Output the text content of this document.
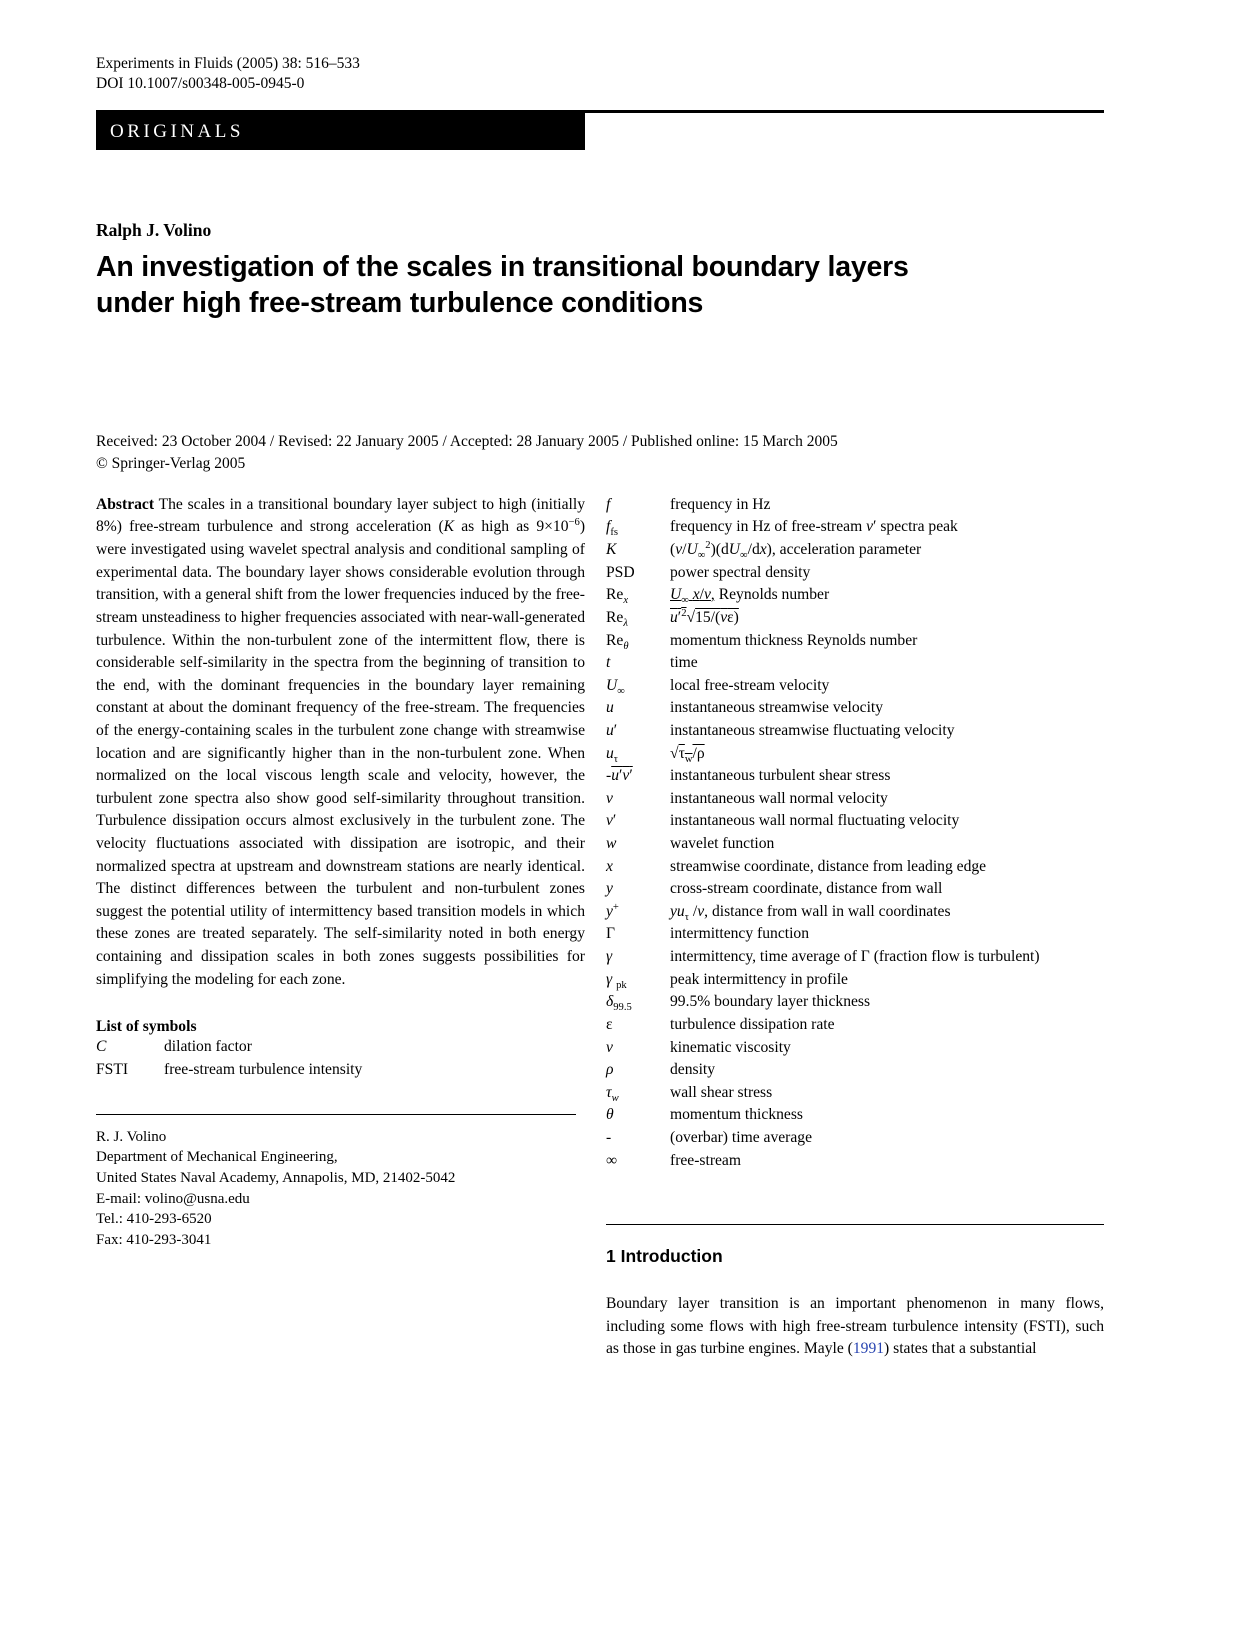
Experiments in Fluids (2005) 38: 516–533
DOI 10.1007/s00348-005-0945-0
ORIGINALS
Ralph J. Volino
An investigation of the scales in transitional boundary layers
under high free-stream turbulence conditions
Received: 23 October 2004 / Revised: 22 January 2005 / Accepted: 28 January 2005 / Published online: 15 March 2005
© Springer-Verlag 2005

Abstract The scales in a transitional boundary layer subject to high (initially 8%) free-stream turbulence and strong acceleration (K as high as $9\times 10^{-6}$) were investigated using wavelet spectral analysis and conditional sampling of experimental data. The boundary layer shows considerable evolution through transition, with a general shift from the lower frequencies induced by the free-stream unsteadiness to higher frequencies associated with near-wall-generated turbulence. Within the non-turbulent zone of the intermittent flow, there is considerable self-similarity in the spectra from the beginning of transition to the end, with the dominant frequencies in the boundary layer remaining constant at about the dominant frequency of the free-stream. The frequencies of the energy-containing scales in the turbulent zone change with streamwise location and are significantly higher than in the non-turbulent zone. When normalized on the local viscous length scale and velocity, however, the turbulent zone spectra also show good self-similarity throughout transition. Turbulence dissipation occurs almost exclusively in the turbulent zone. The velocity fluctuations associated with dissipation are isotropic, and their normalized spectra at upstream and downstream stations are nearly identical. The distinct differences between the turbulent and non-turbulent zones suggest the potential utility of intermittency based transition models in which these zones are treated separately. The self-similarity noted in both energy containing and dissipation scales in both zones suggests possibilities for simplifying the modeling for each zone.

List of symbols
C	dilation factor
FSTI	free-stream turbulence intensity
R. J. Volino
Department of Mechanical Engineering,
United States Naval Academy, Annapolis, MD, 21402-5042
E-mail: volino@usna.edu
Tel.: 410-293-6520
Fax: 410-293-3041
f	frequency in Hz
$f_{fs}$	frequency in Hz of free-stream v′ spectra peak
K	$(\nu/U_\infty^2)(dU_\infty/dx)$, acceleration parameter
PSD	power spectral density
$Re_x$	$U_\infty$ x/ν, Reynolds number
$Re_\lambda$	$u'^2√15/(\nu\varepsilon)$
$Re_\theta$	momentum thickness Reynolds number
t	time
$U_\infty$	local free-stream velocity
u	instantaneous streamwise velocity
u′	instantaneous streamwise fluctuating velocity
$u_\tau$	$√\tau_w/\rho$
-u′v′	instantaneous turbulent shear stress
v	instantaneous wall normal velocity
v′	instantaneous wall normal fluctuating velocity
w	wavelet function
x	streamwise coordinate, distance from leading edge
y	cross-stream coordinate, distance from wall
y+	$yu_\tau$ /ν, distance from wall in wall coordinates
Γ	intermittency function
γ	intermittency, time average of Γ (fraction flow is turbulent)
γ $_{pk}$	peak intermittency in profile
$\delta_{99.5}$	99.5% boundary layer thickness
ε	turbulence dissipation rate
ν	kinematic viscosity
ρ	density
$\tau_w$	wall shear stress
θ	momentum thickness
-	(overbar) time average
∞	free-stream
1 Introduction

Boundary layer transition is an important phenomenon in many flows, including some flows with high free-stream turbulence intensity (FSTI), such as those in gas turbine engines. Mayle (1991) states that a substantial
